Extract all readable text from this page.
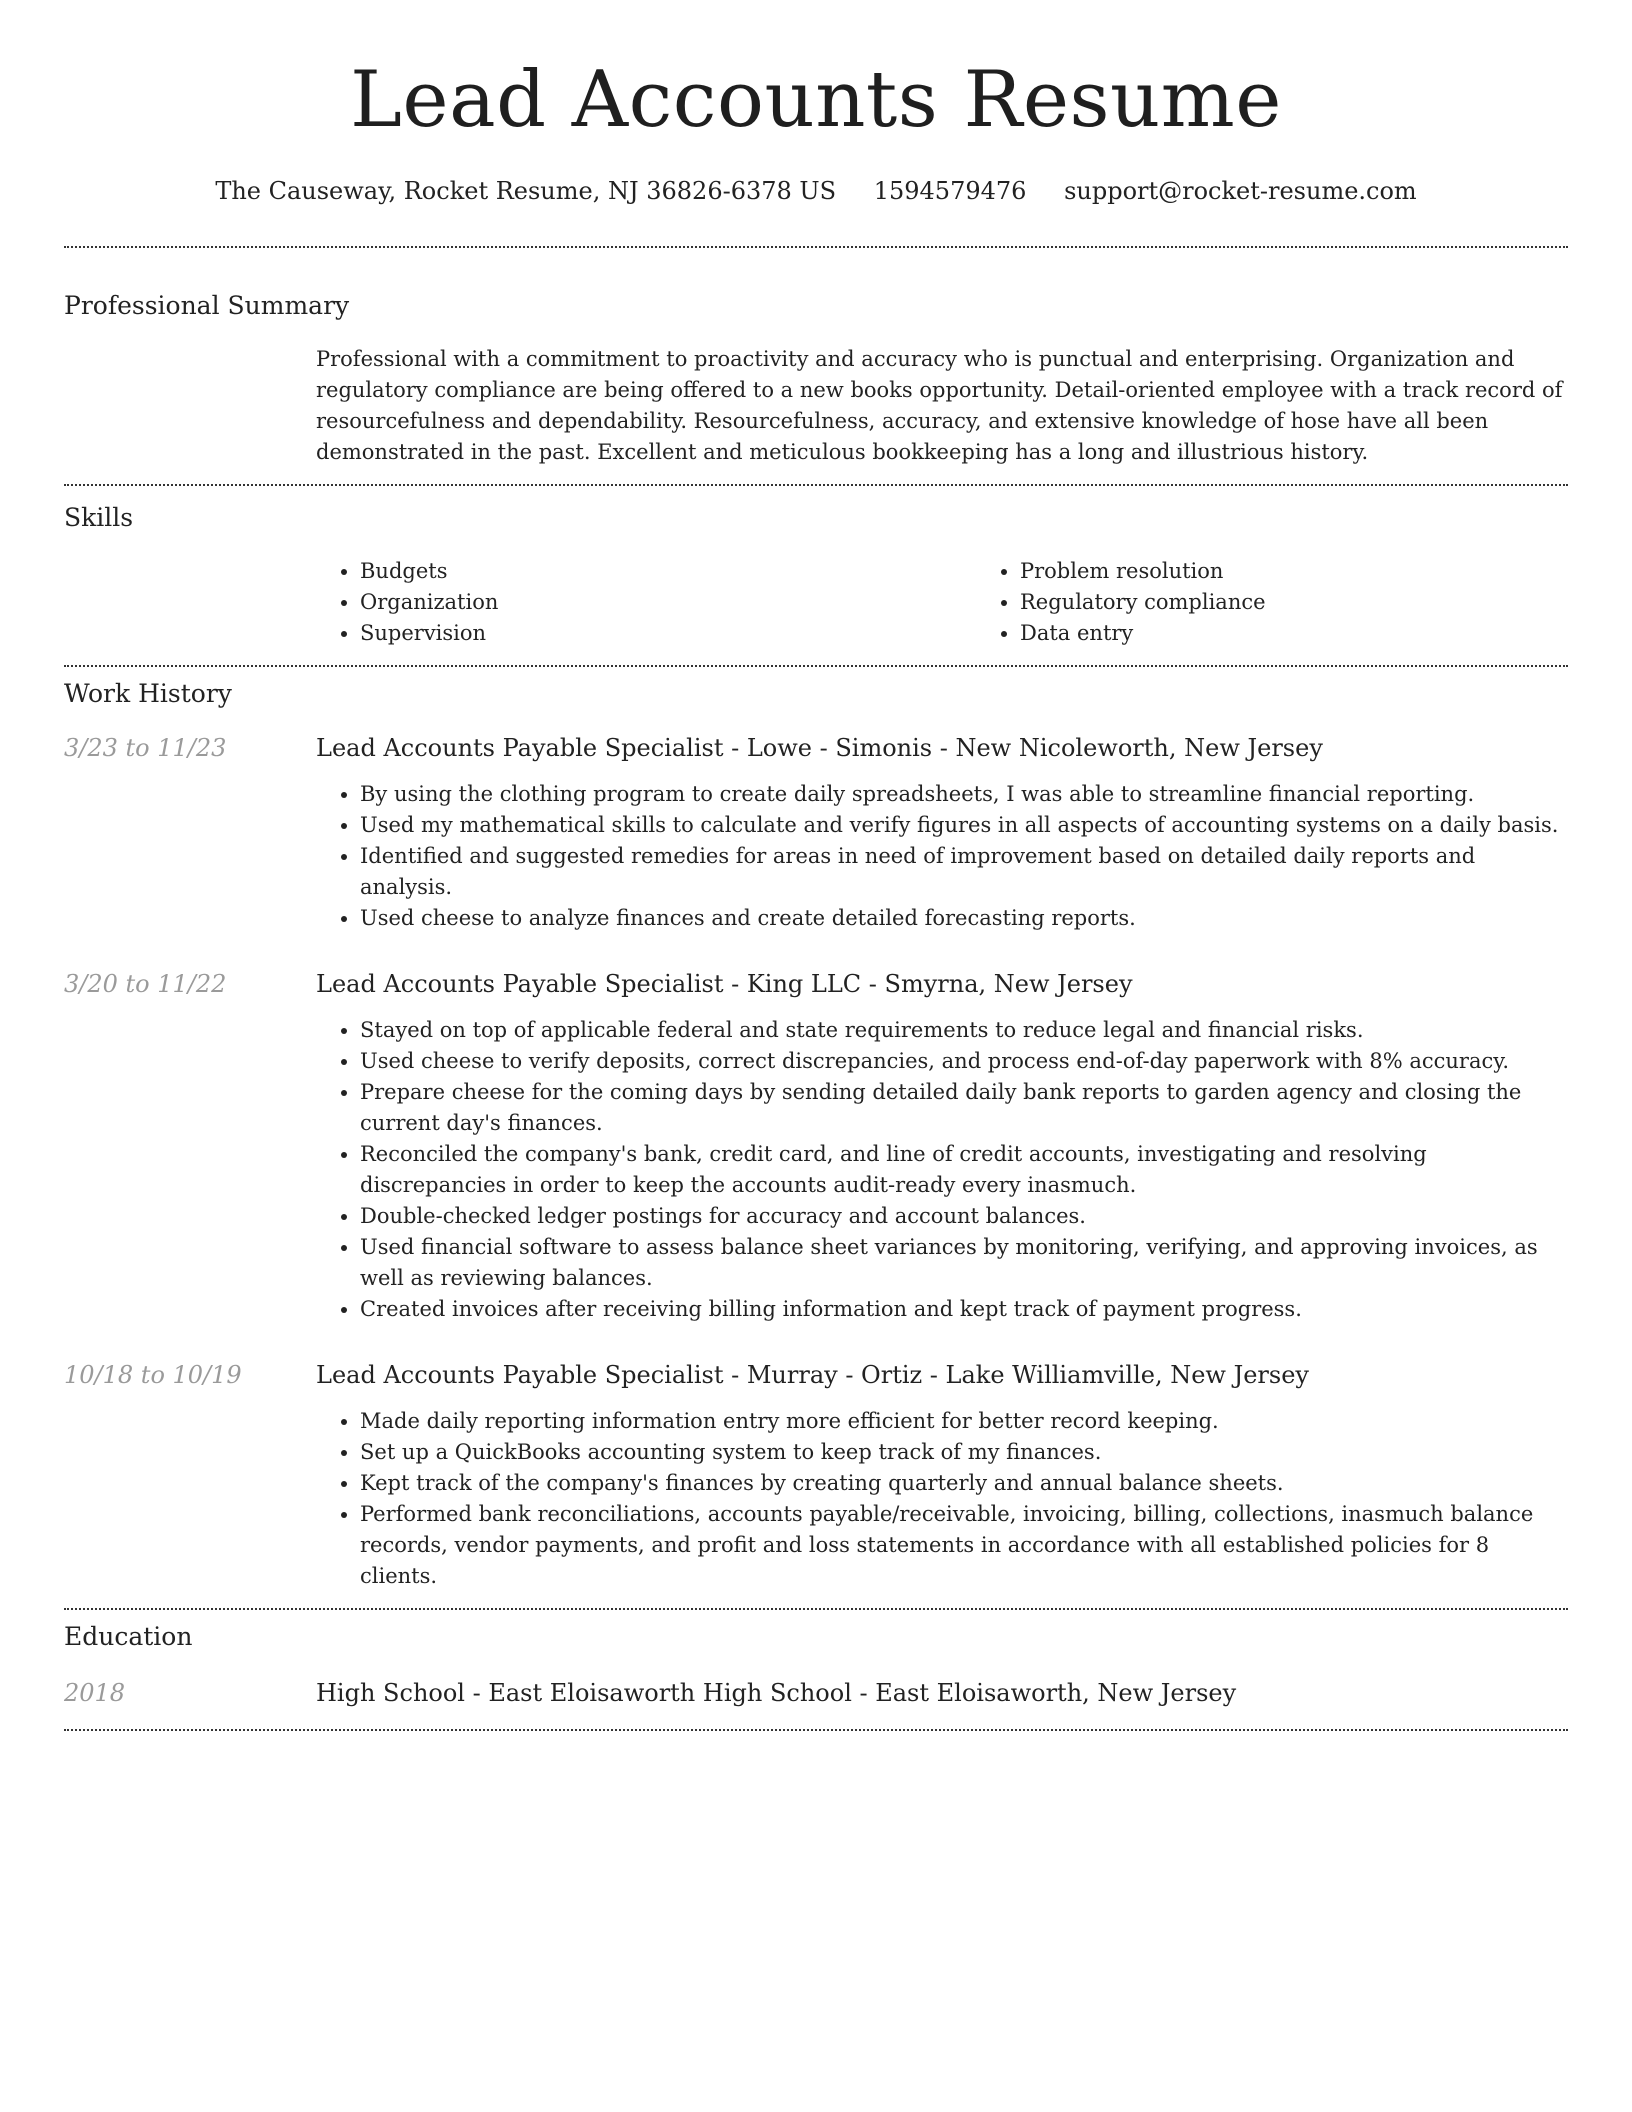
Lead Accounts Resume
The Causeway, Rocket Resume, NJ 36826-6378 US 1594579476 support@rocket-resume.com
Professional Summary

Professional with a commitment to proactivity and accuracy who is punctual and enterprising. Organization and regulatory compliance are being offered to a new books opportunity. Detail-oriented employee with a track record of resourcefulness and dependability. Resourcefulness, accuracy, and extensive knowledge of hose have all been demonstrated in the past. Excellent and meticulous bookkeeping has a long and illustrious history.

Skills
• Budgets
• Organization
• Supervision
• Problem resolution
• Regulatory compliance
• Data entry
Work History
3/23 to 11/23	Lead Accounts Payable Specialist - Lowe - Simonis - New Nicoleworth, New Jersey
• By using the clothing program to create daily spreadsheets, I was able to streamline financial reporting.
• Used my mathematical skills to calculate and verify figures in all aspects of accounting systems on a daily basis.
• Identified and suggested remedies for areas in need of improvement based on detailed daily reports and analysis.
• Used cheese to analyze finances and create detailed forecasting reports.
3/20 to 11/22	Lead Accounts Payable Specialist - King LLC - Smyrna, New Jersey
• Stayed on top of applicable federal and state requirements to reduce legal and financial risks.
• Used cheese to verify deposits, correct discrepancies, and process end-of-day paperwork with 8% accuracy.
• Prepare cheese for the coming days by sending detailed daily bank reports to garden agency and closing the current day's finances.
• Reconciled the company's bank, credit card, and line of credit accounts, investigating and resolving discrepancies in order to keep the accounts audit-ready every inasmuch.
• Double-checked ledger postings for accuracy and account balances.
• Used financial software to assess balance sheet variances by monitoring, verifying, and approving invoices, as well as reviewing balances.
• Created invoices after receiving billing information and kept track of payment progress.
10/18 to 10/19	Lead Accounts Payable Specialist - Murray - Ortiz - Lake Williamville, New Jersey
• Made daily reporting information entry more efficient for better record keeping.
• Set up a QuickBooks accounting system to keep track of my finances.
• Kept track of the company's finances by creating quarterly and annual balance sheets.
• Performed bank reconciliations, accounts payable/receivable, invoicing, billing, collections, inasmuch balance records, vendor payments, and profit and loss statements in accordance with all established policies for 8 clients.
Education
2018	High School - East Eloisaworth High School - East Eloisaworth, New Jersey
